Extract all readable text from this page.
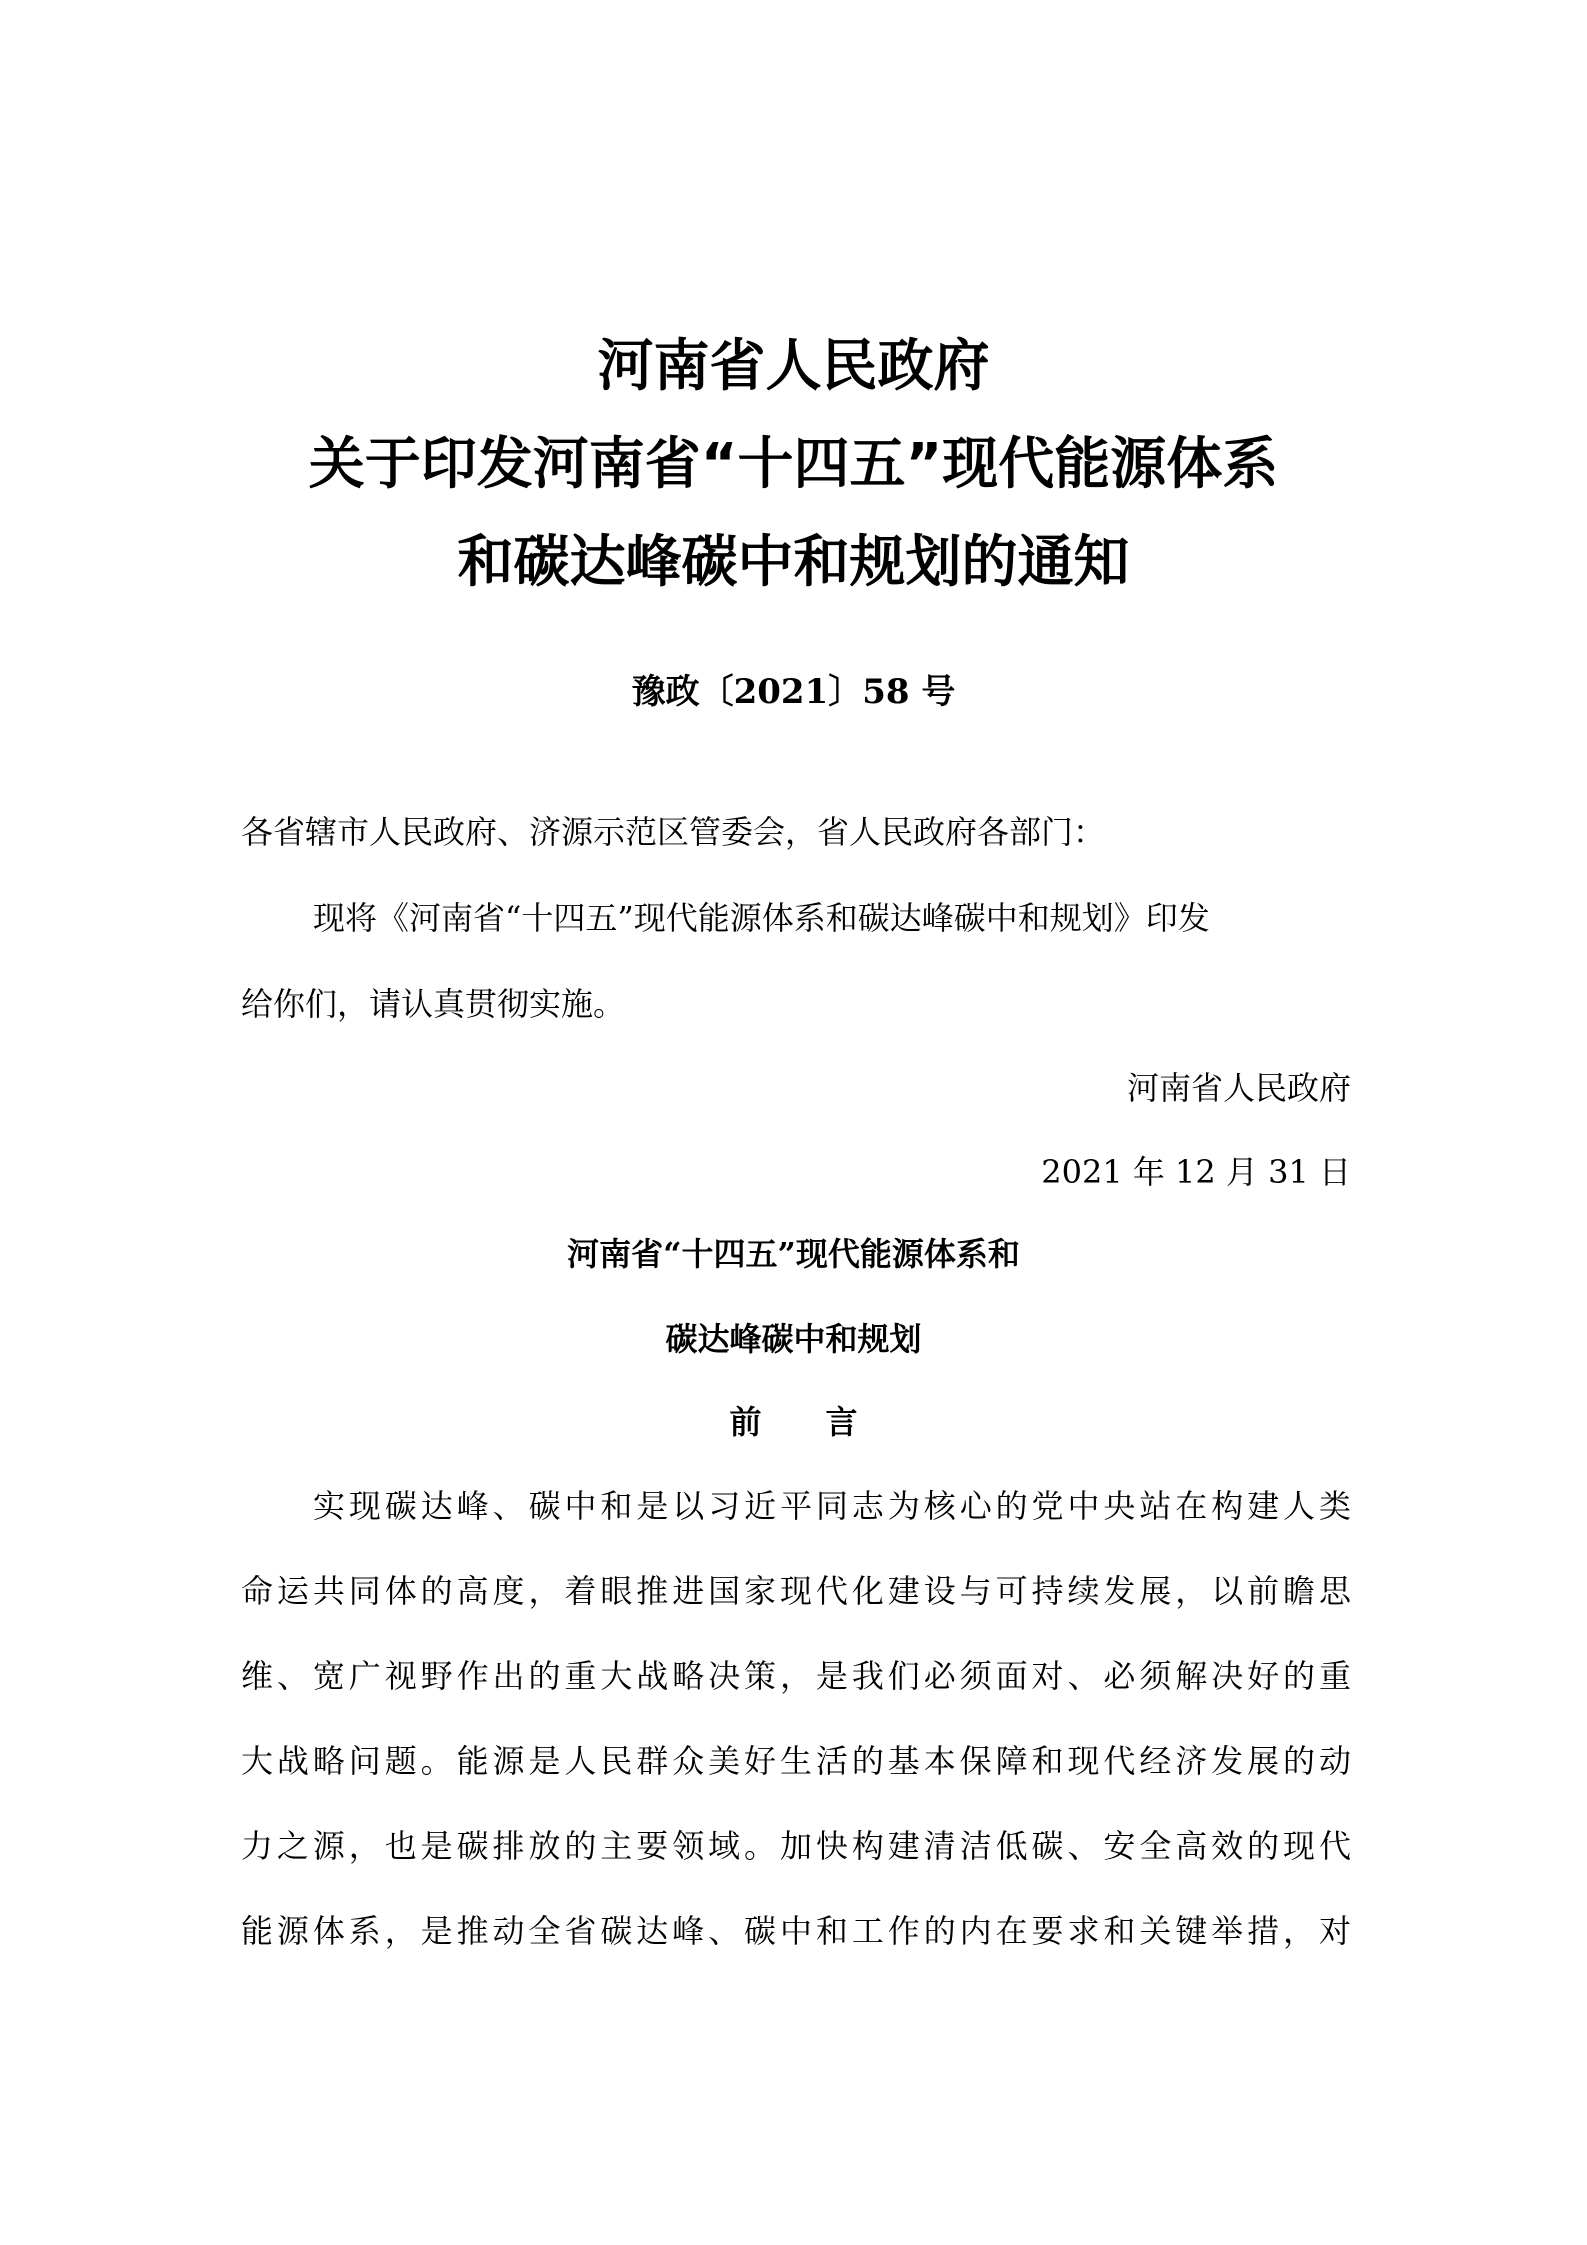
河南省人民政府
关于印发河南省“十四五”现代能源体系
和碳达峰碳中和规划的通知
豫政〔2021〕58 号
各省辖市人民政府、济源示范区管委会，省人民政府各部门：
现将《河南省“十四五”现代能源体系和碳达峰碳中和规划》印发
给你们，请认真贯彻实施。
河南省人民政府
2021 年 12 月 31 日
河南省“十四五”现代能源体系和
碳达峰碳中和规划
前　　言
实现碳达峰、碳中和是以习近平同志为核心的党中央站在构建人类
命运共同体的高度，着眼推进国家现代化建设与可持续发展，以前瞻思
维、宽广视野作出的重大战略决策，是我们必须面对、必须解决好的重
大战略问题。能源是人民群众美好生活的基本保障和现代经济发展的动
力之源，也是碳排放的主要领域。加快构建清洁低碳、安全高效的现代
能源体系，是推动全省碳达峰、碳中和工作的内在要求和关键举措，对
